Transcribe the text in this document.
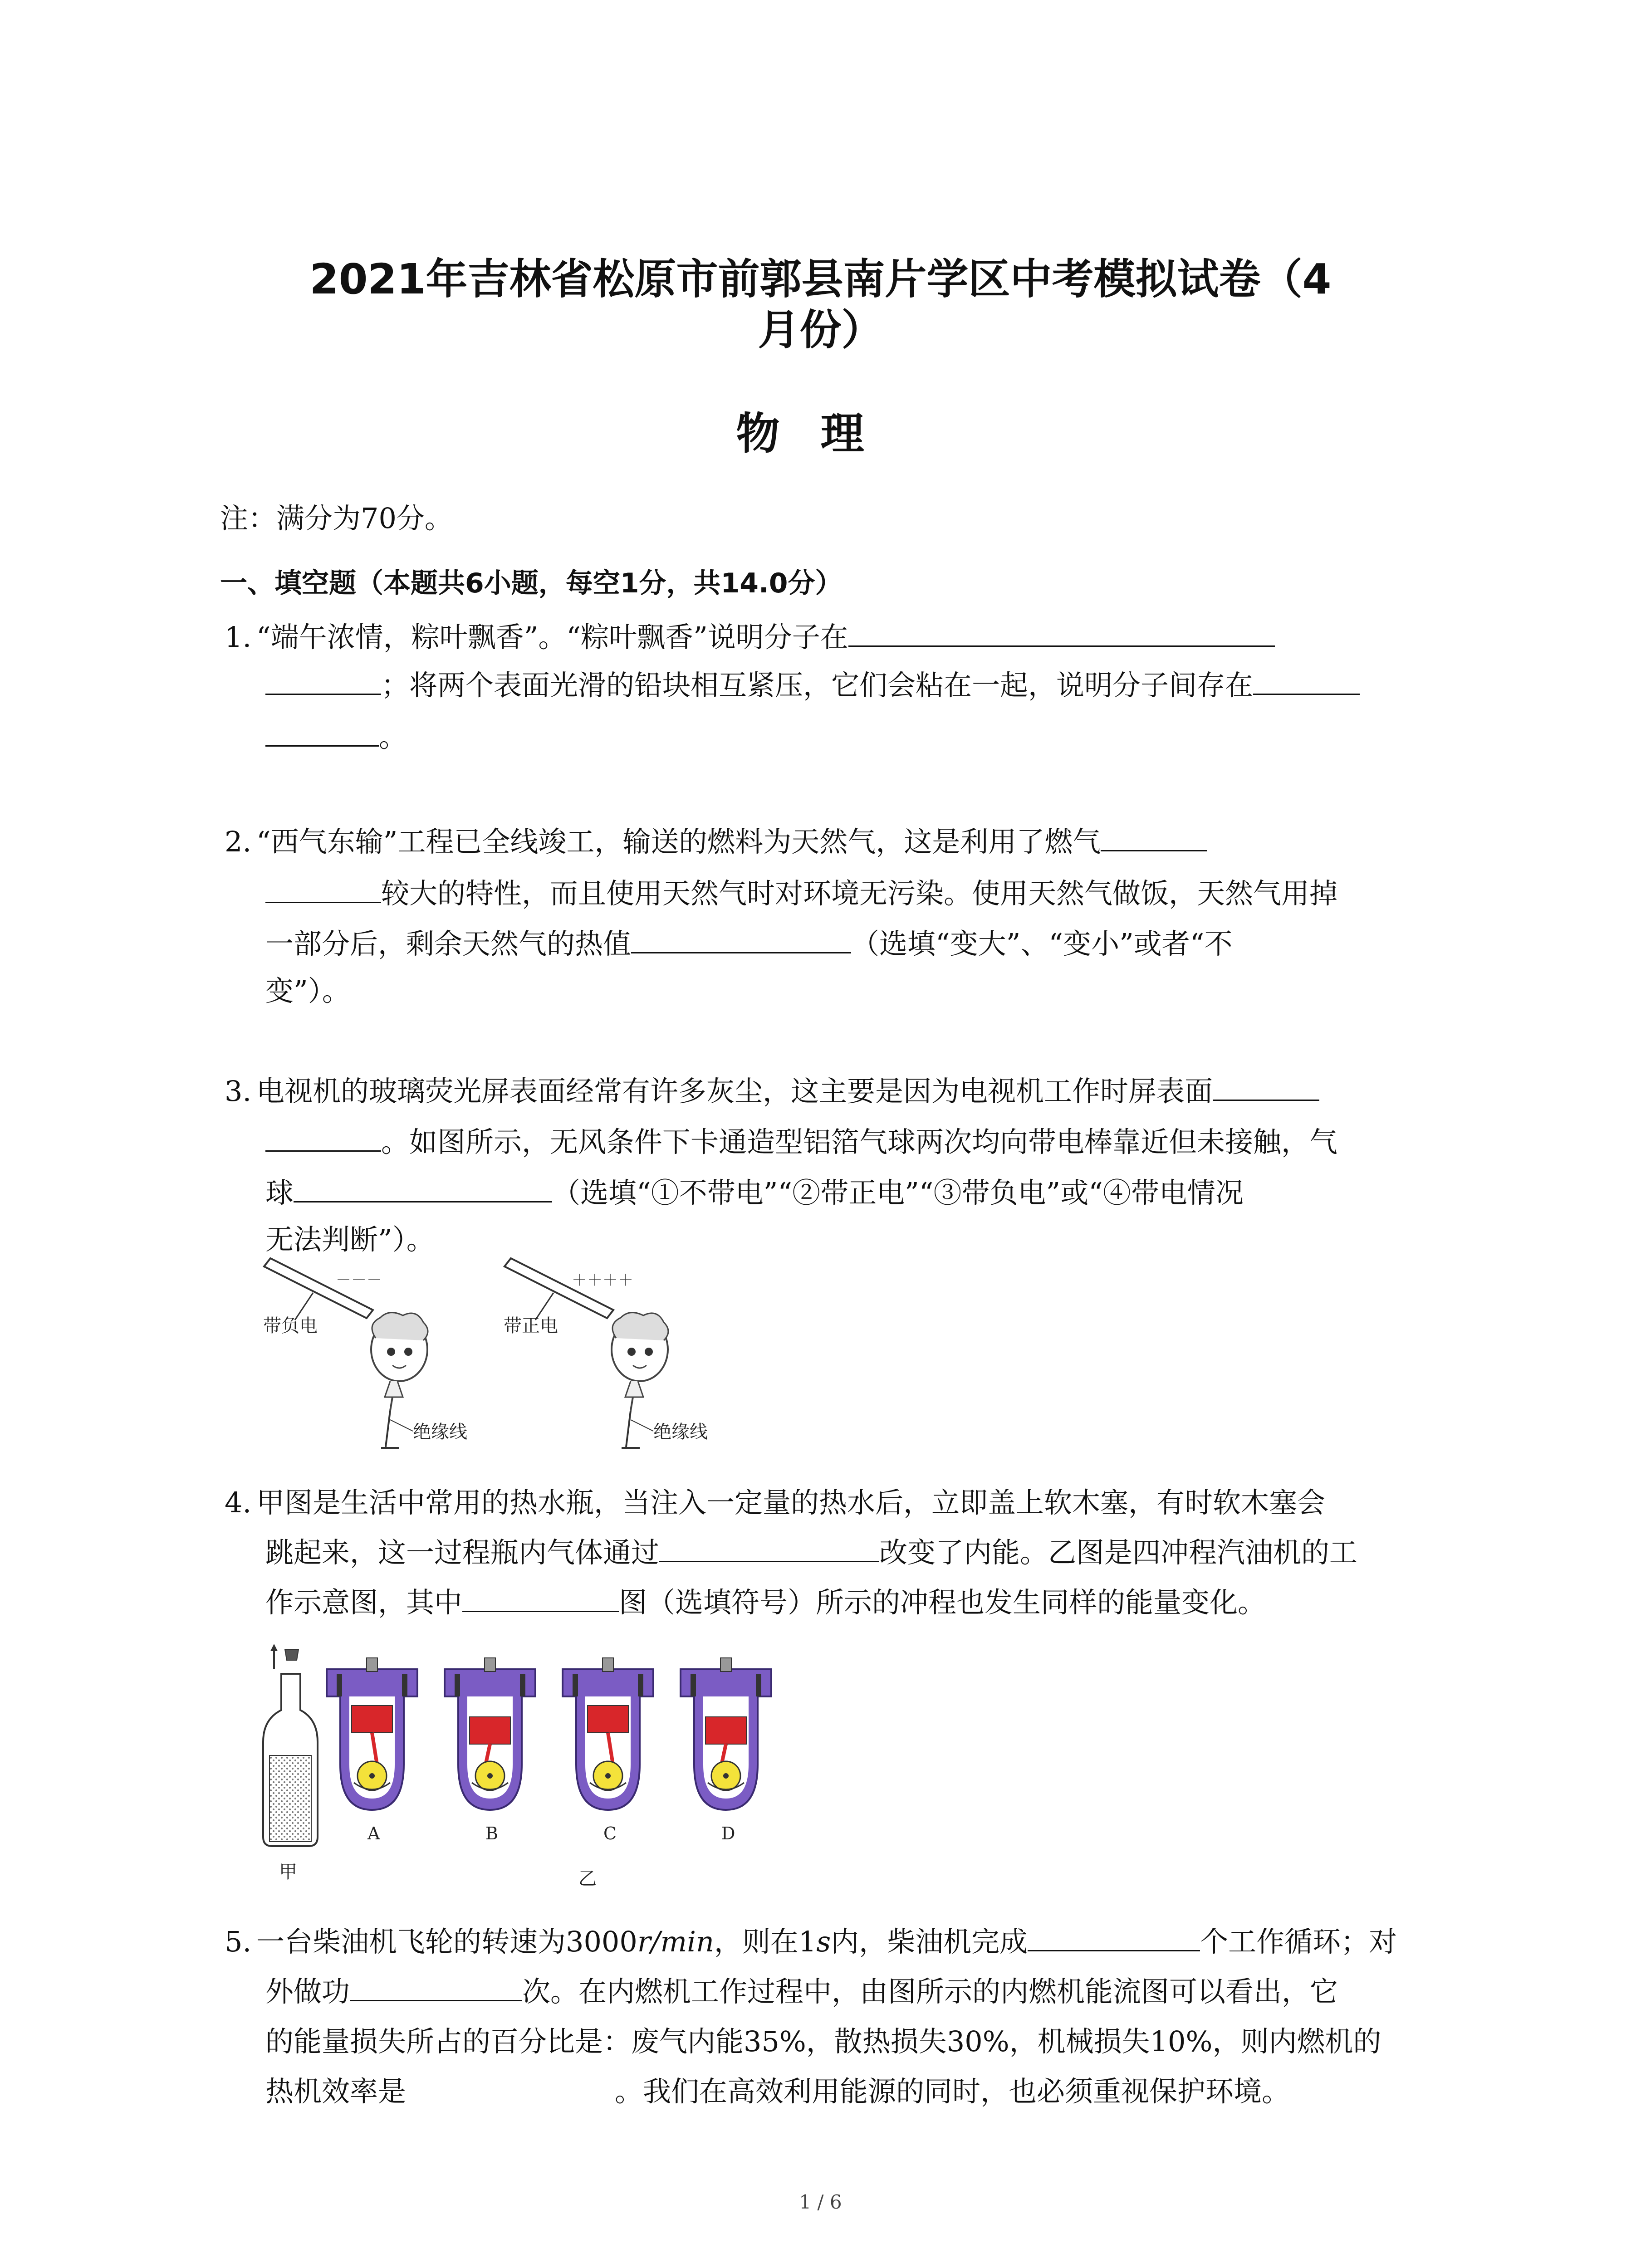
2021年吉林省松原市前郭县南片学区中考模拟试卷（4
月份）
物理
注：满分为70分。
一、填空题（本题共6小题，每空1分，共14.0分）
1. “端午浓情，粽叶飘香”。“粽叶飘香”说明分子在
；将两个表面光滑的铅块相互紧压，它们会粘在一起，说明分子间存在
。
2. “西气东输”工程已全线竣工，输送的燃料为天然气，这是利用了燃气
较大的特性，而且使用天然气时对环境无污染。使用天然气做饭，天然气用掉
一部分后，剩余天然气的热值	（选填“变大”、“变小”或者“不
变”）。
3. 电视机的玻璃荧光屏表面经常有许多灰尘，这主要是因为电视机工作时屏表面
。如图所示，无风条件下卡通造型铝箔气球两次均向带电棒靠近但未接触，气
球	（选填“①不带电”“②带正电”“③带负电”或“④带电情况
无法判断”）。
－－－
带负电
绝缘线
＋＋＋＋
带正电
绝缘线
4. 甲图是生活中常用的热水瓶，当注入一定量的热水后，立即盖上软木塞，有时软木塞会
跳起来，这一过程瓶内气体通过	改变了内能。乙图是四冲程汽油机的工
作示意图，其中	图（选填符号）所示的冲程也发生同样的能量变化。
甲
A	B	C	D
乙
5. 一台柴油机飞轮的转速为3000r/min，则在1s内，柴油机完成	个工作循环；对
外做功	次。在内燃机工作过程中，由图所示的内燃机能流图可以看出，它
的能量损失所占的百分比是：废气内能35%，散热损失30%，机械损失10%，则内燃机的
热机效率是	。我们在高效利用能源的同时，也必须重视保护环境。
1 / 6
